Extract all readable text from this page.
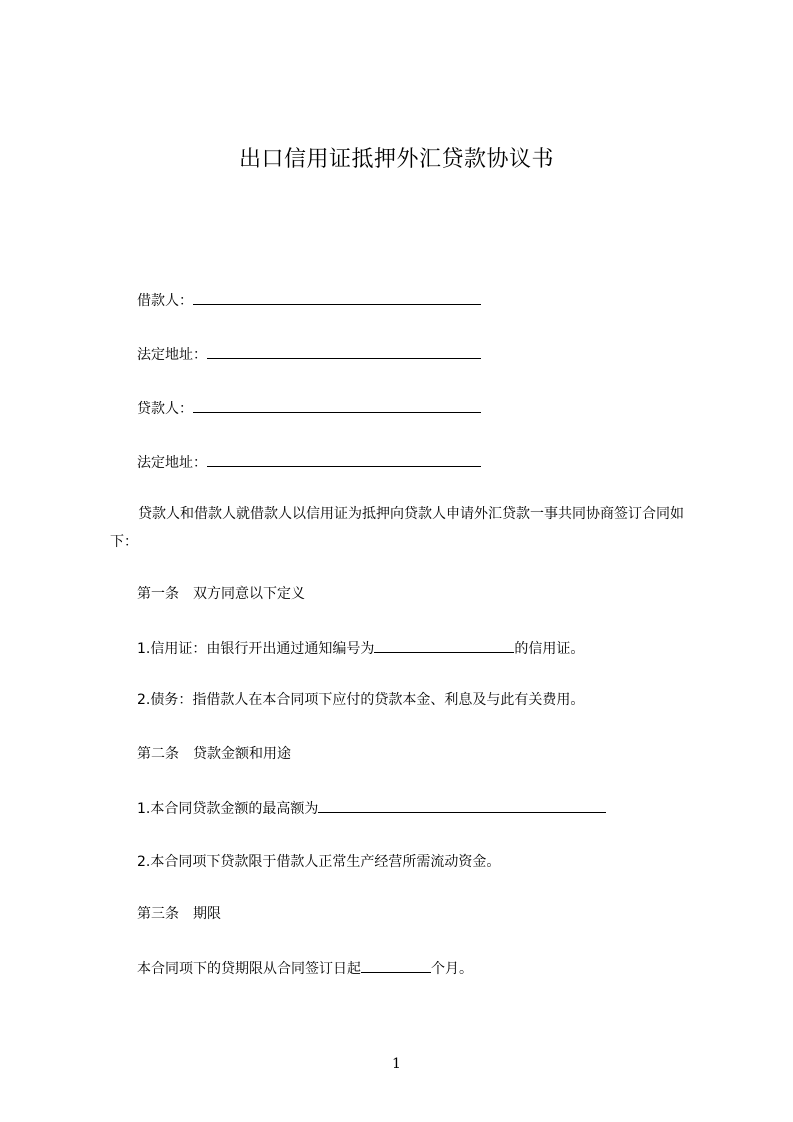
出口信用证抵押外汇贷款协议书
借款人：
法定地址：
贷款人：
法定地址：
贷款人和借款人就借款人以信用证为抵押向贷款人申请外汇贷款一事共同协商签订合同如下：
第一条 双方同意以下定义
1.信用证：由银行开出通过通知编号为	的信用证。
2.债务：指借款人在本合同项下应付的贷款本金、利息及与此有关费用。
第二条 贷款金额和用途
1.本合同贷款金额的最高额为
2.本合同项下贷款限于借款人正常生产经营所需流动资金。
第三条 期限
本合同项下的贷期限从合同签订日起	个月。
1
